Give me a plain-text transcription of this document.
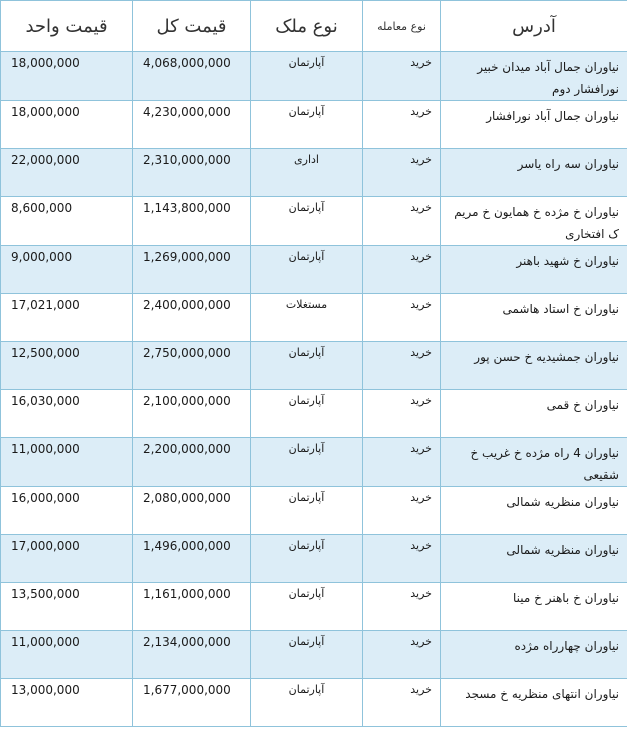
قیمت واحد	قیمت کل	نوع ملک	نوع معامله	آدرس
18,000,000	4,068,000,000	آپارتمان	خرید	نیاوران جمال آباد میدان خبیر نورافشار دوم
18,000,000	4,230,000,000	آپارتمان	خرید	نیاوران جمال آباد نورافشار
22,000,000	2,310,000,000	اداری	خرید	نیاوران سه راه یاسر
8,600,000	1,143,800,000	آپارتمان	خرید	نیاوران خ مژده خ همایون خ مریم ک افتخاری
9,000,000	1,269,000,000	آپارتمان	خرید	نیاوران خ شهید باهنر
17,021,000	2,400,000,000	مستغلات	خرید	نیاوران خ استاد هاشمی
12,500,000	2,750,000,000	آپارتمان	خرید	نیاوران جمشیدیه خ حسن پور
16,030,000	2,100,000,000	آپارتمان	خرید	نیاوران خ قمی
11,000,000	2,200,000,000	آپارتمان	خرید	نیاوران 4 راه مژده خ غریب خ شقیعی
16,000,000	2,080,000,000	آپارتمان	خرید	نیاوران منظریه شمالی
17,000,000	1,496,000,000	آپارتمان	خرید	نیاوران منظریه شمالی
13,500,000	1,161,000,000	آپارتمان	خرید	نیاوران خ باهنر خ مینا
11,000,000	2,134,000,000	آپارتمان	خرید	نیاوران چهارراه مژده
13,000,000	1,677,000,000	آپارتمان	خرید	نیاوران انتهای منظریه خ مسجد
